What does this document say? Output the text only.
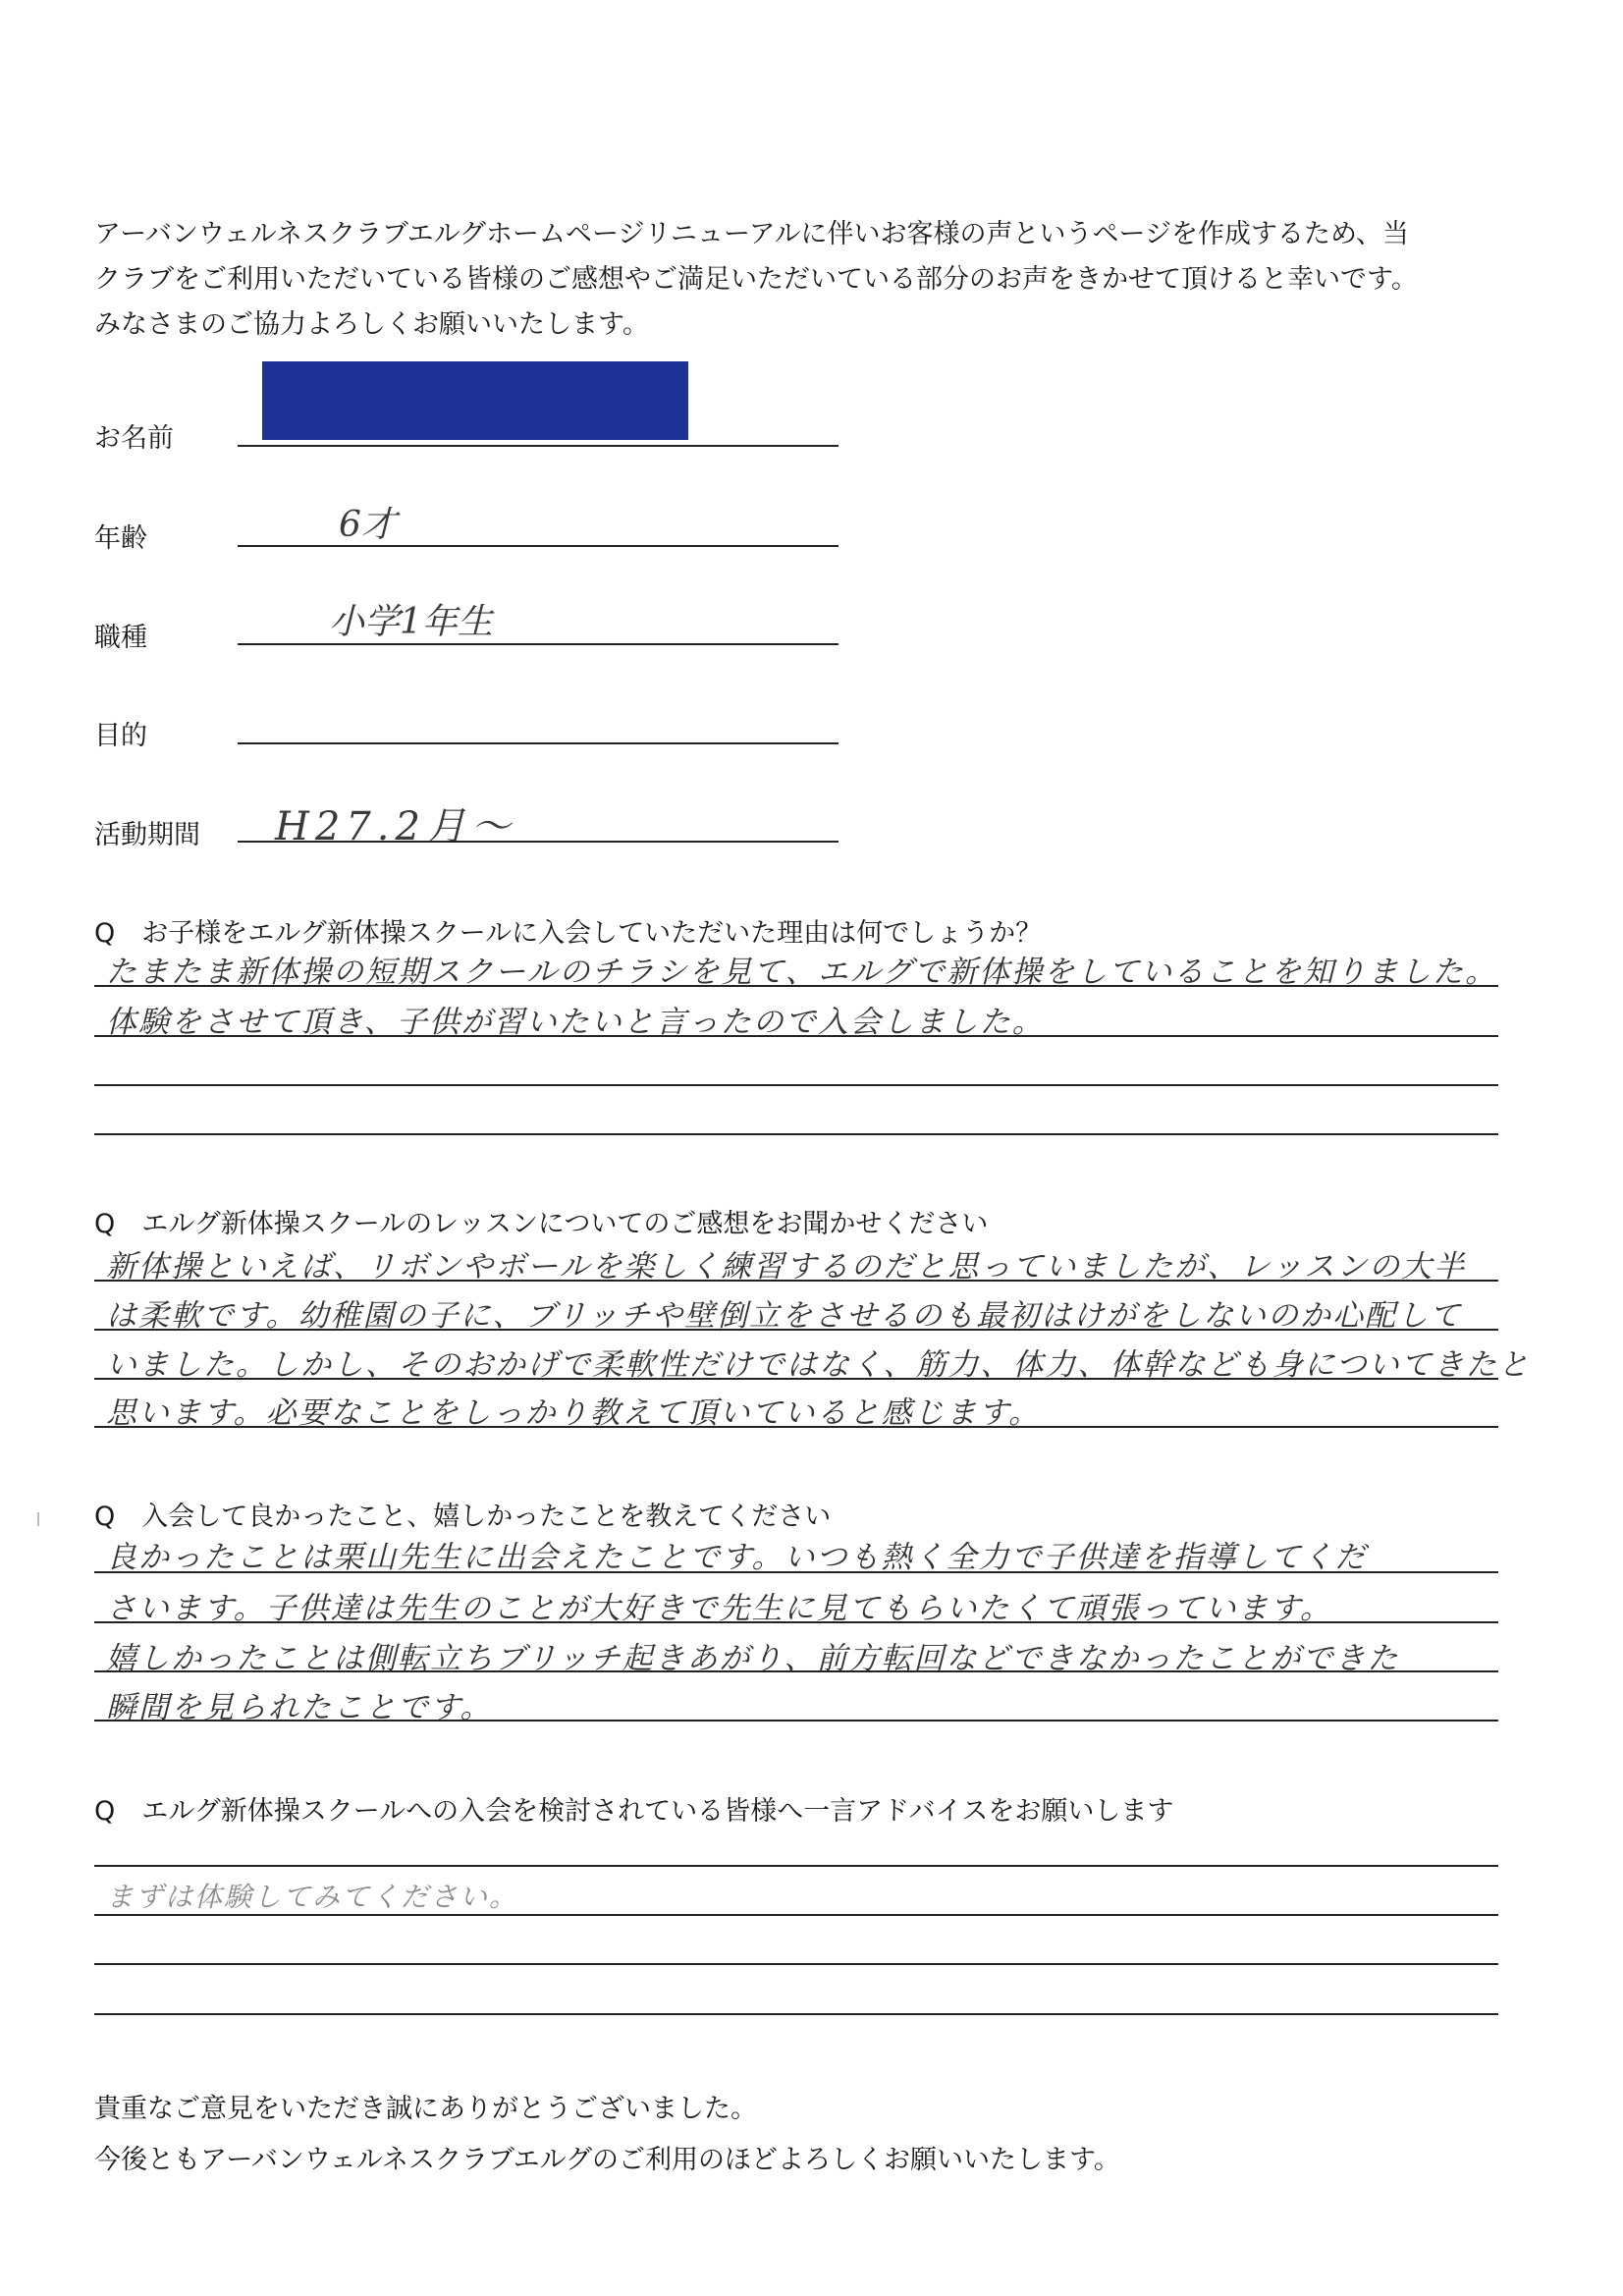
アーバンウェルネスクラブエルグホームページリニューアルに伴いお客様の声というページを作成するため、当
クラブをご利用いただいている皆様のご感想やご満足いただいている部分のお声をきかせて頂けると幸いです。
みなさまのご協力よろしくお願いいたします。
お名前
年齢	6才
職種	小学1年生
目的
活動期間 H27.2月〜
Q　お子様をエルグ新体操スクールに入会していただいた理由は何でしょうか？
たまたま新体操の短期スクールのチラシを見て、エルグで新体操をしていることを知りました。
体験をさせて頂き、子供が習いたいと言ったので入会しました。
Q　エルグ新体操スクールのレッスンについてのご感想をお聞かせください
新体操といえば、リボンやボールを楽しく練習するのだと思っていましたが、レッスンの大半
は柔軟です。幼稚園の子に、ブリッチや壁倒立をさせるのも最初はけがをしないのか心配して
いました。しかし、そのおかげで柔軟性だけではなく、筋力、体力、体幹なども身についてきたと
思います。必要なことをしっかり教えて頂いていると感じます。
Q　入会して良かったこと、嬉しかったことを教えてください
良かったことは栗山先生に出会えたことです。いつも熱く全力で子供達を指導してくだ
さいます。子供達は先生のことが大好きで先生に見てもらいたくて頑張っています。
嬉しかったことは側転立ちブリッチ起きあがり、前方転回などできなかったことができた
瞬間を見られたことです。
Q　エルグ新体操スクールへの入会を検討されている皆様へ一言アドバイスをお願いします
まずは体験してみてください。
貴重なご意見をいただき誠にありがとうございました。
今後ともアーバンウェルネスクラブエルグのご利用のほどよろしくお願いいたします。
